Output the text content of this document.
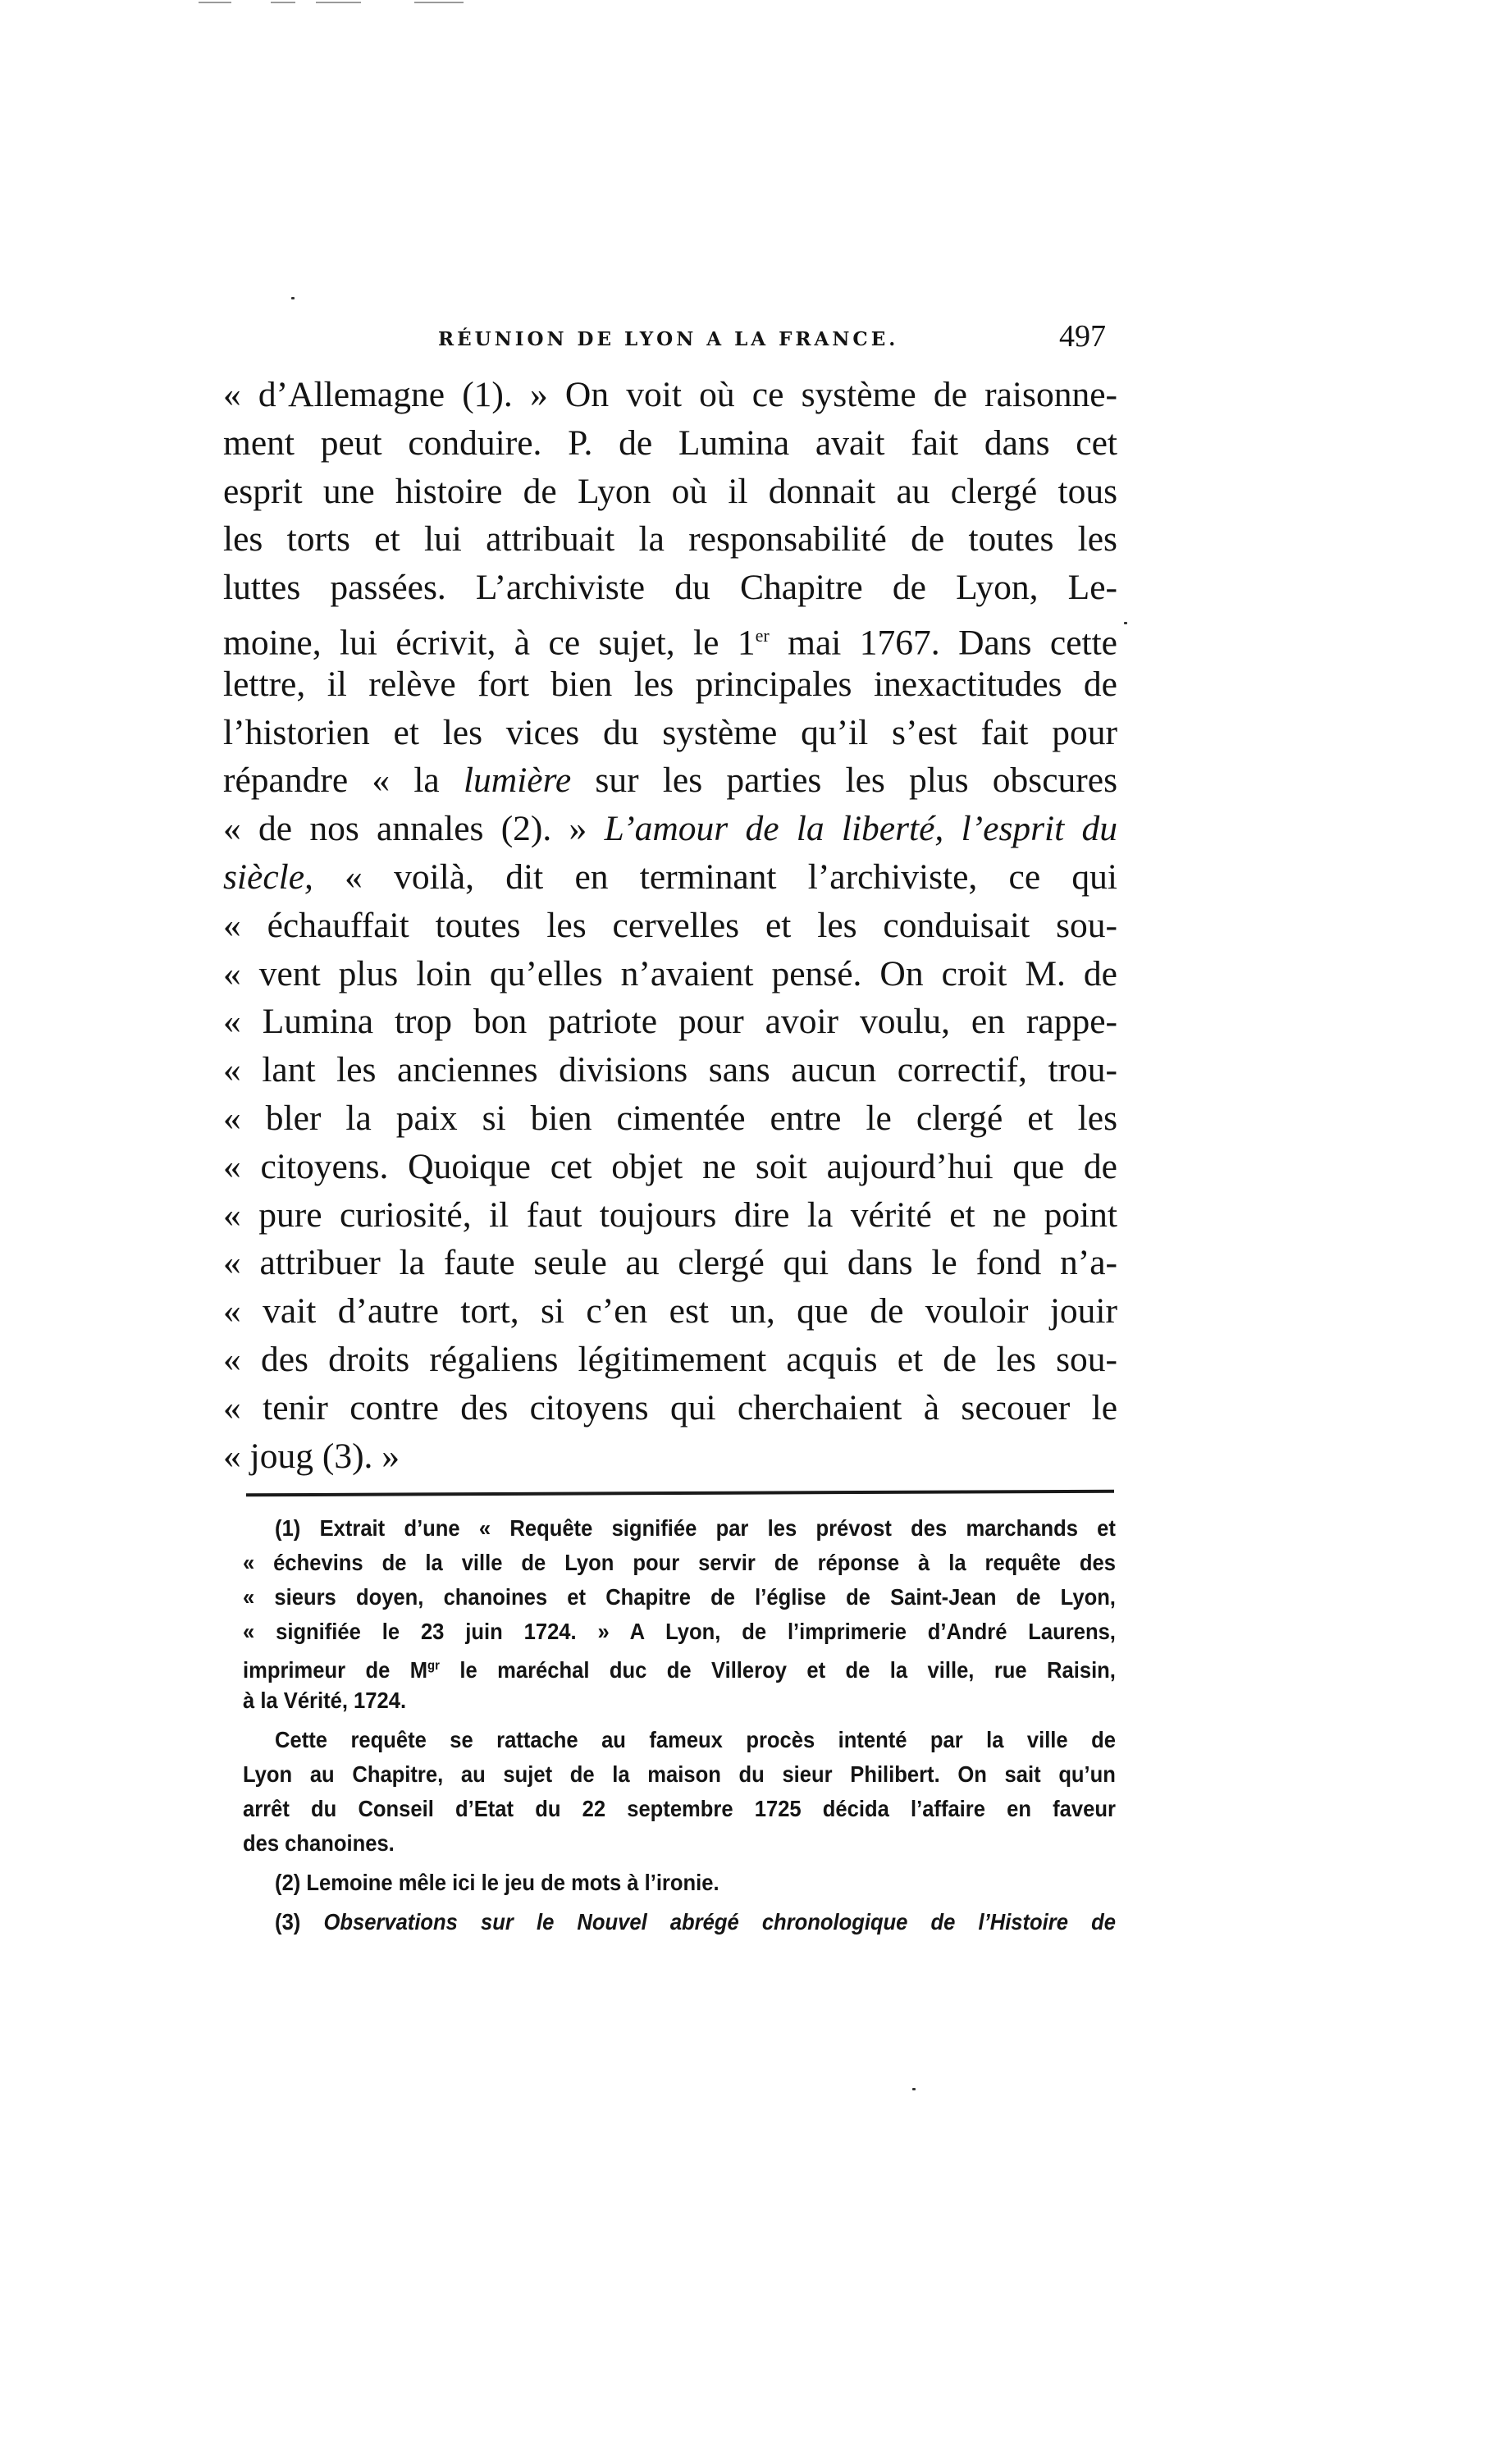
RÉUNION DE LYON A LA FRANCE.	497
« d’Allemagne (1). » On voit où ce système de raisonne-
ment peut conduire. P. de Lumina avait fait dans cet
esprit une histoire de Lyon où il donnait au clergé tous
les torts et lui attribuait la responsabilité de toutes les
luttes passées. L’archiviste du Chapitre de Lyon, Le-
moine, lui écrivit, à ce sujet, le 1er mai 1767. Dans cette
lettre, il relève fort bien les principales inexactitudes de
l’historien et les vices du système qu’il s’est fait pour
répandre « la lumière sur les parties les plus obscures
« de nos annales (2). » L’amour de la liberté, l’esprit du
siècle, « voilà, dit en terminant l’archiviste, ce qui
« échauffait toutes les cervelles et les conduisait sou-
« vent plus loin qu’elles n’avaient pensé. On croit M. de
« Lumina trop bon patriote pour avoir voulu, en rappe-
« lant les anciennes divisions sans aucun correctif, trou-
« bler la paix si bien cimentée entre le clergé et les
« citoyens. Quoique cet objet ne soit aujourd’hui que de
« pure curiosité, il faut toujours dire la vérité et ne point
« attribuer la faute seule au clergé qui dans le fond n’a-
« vait d’autre tort, si c’en est un, que de vouloir jouir
« des droits régaliens légitimement acquis et de les sou-
« tenir contre des citoyens qui cherchaient à secouer le
« joug (3). »
(1) Extrait d’une « Requête signifiée par les prévost des marchands et
« échevins de la ville de Lyon pour servir de réponse à la requête des
« sieurs doyen, chanoines et Chapitre de l’église de Saint-Jean de Lyon,
« signifiée le 23 juin 1724. » A Lyon, de l’imprimerie d’André Laurens,
imprimeur de $M^{gr}$ le maréchal duc de Villeroy et de la ville, rue Raisin,
à la Vérité, 1724.
Cette requête se rattache au fameux procès intenté par la ville de
Lyon au Chapitre, au sujet de la maison du sieur Philibert. On sait qu’un
arrêt du Conseil d’Etat du 22 septembre 1725 décida l’affaire en faveur
des chanoines.
(2) Lemoine mêle ici le jeu de mots à l’ironie.
(3) Observations sur le Nouvel abrégé chronologique de l’Histoire de
